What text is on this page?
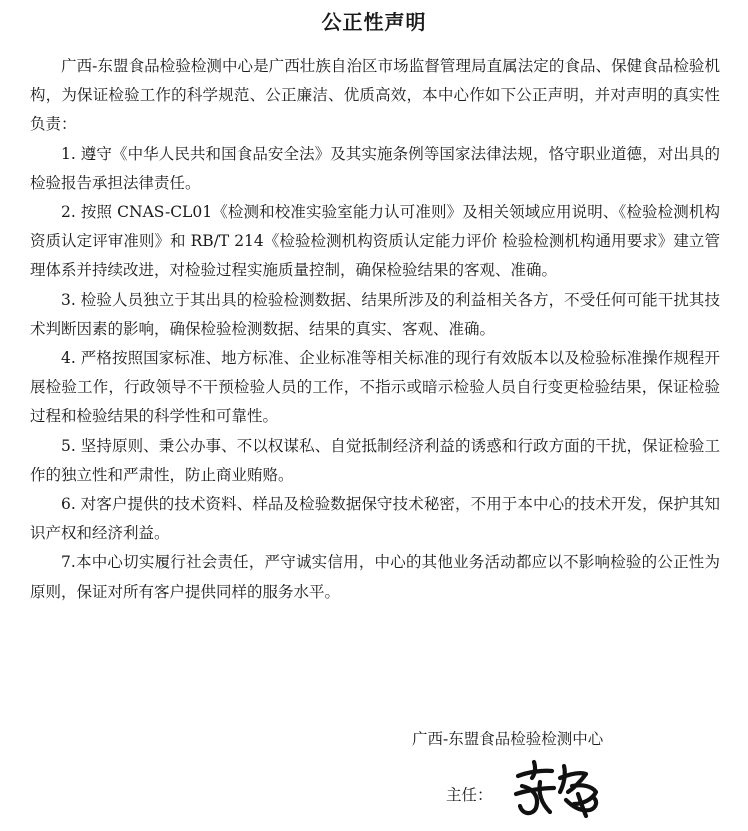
公正性声明

广西-东盟食品检验检测中心是广西壮族自治区市场监督管理局直属法定的食品、保健食品检验机构，为保证检验工作的科学规范、公正廉洁、优质高效，本中心作如下公正声明，并对声明的真实性负责：

1. 遵守《中华人民共和国食品安全法》及其实施条例等国家法律法规，恪守职业道德，对出具的检验报告承担法律责任。

2. 按照 CNAS-CL01《检测和校准实验室能力认可准则》及相关领域应用说明、《检验检测机构资质认定评审准则》和 RB/T 214《检验检测机构资质认定能力评价 检验检测机构通用要求》建立管理体系并持续改进，对检验过程实施质量控制，确保检验结果的客观、准确。

3. 检验人员独立于其出具的检验检测数据、结果所涉及的利益相关各方，不受任何可能干扰其技术判断因素的影响，确保检验检测数据、结果的真实、客观、准确。

4. 严格按照国家标准、地方标准、企业标准等相关标准的现行有效版本以及检验标准操作规程开展检验工作，行政领导不干预检验人员的工作，不指示或暗示检验人员自行变更检验结果，保证检验过程和检验结果的科学性和可靠性。

5. 坚持原则、秉公办事、不以权谋私、自觉抵制经济利益的诱惑和行政方面的干扰，保证检验工作的独立性和严肃性，防止商业贿赂。

6. 对客户提供的技术资料、样品及检验数据保守技术秘密，不用于本中心的技术开发，保护其知识产权和经济利益。

7.本中心切实履行社会责任，严守诚实信用，中心的其他业务活动都应以不影响检验的公正性为原则，保证对所有客户提供同样的服务水平。

广西-东盟食品检验检测中心
主任：
